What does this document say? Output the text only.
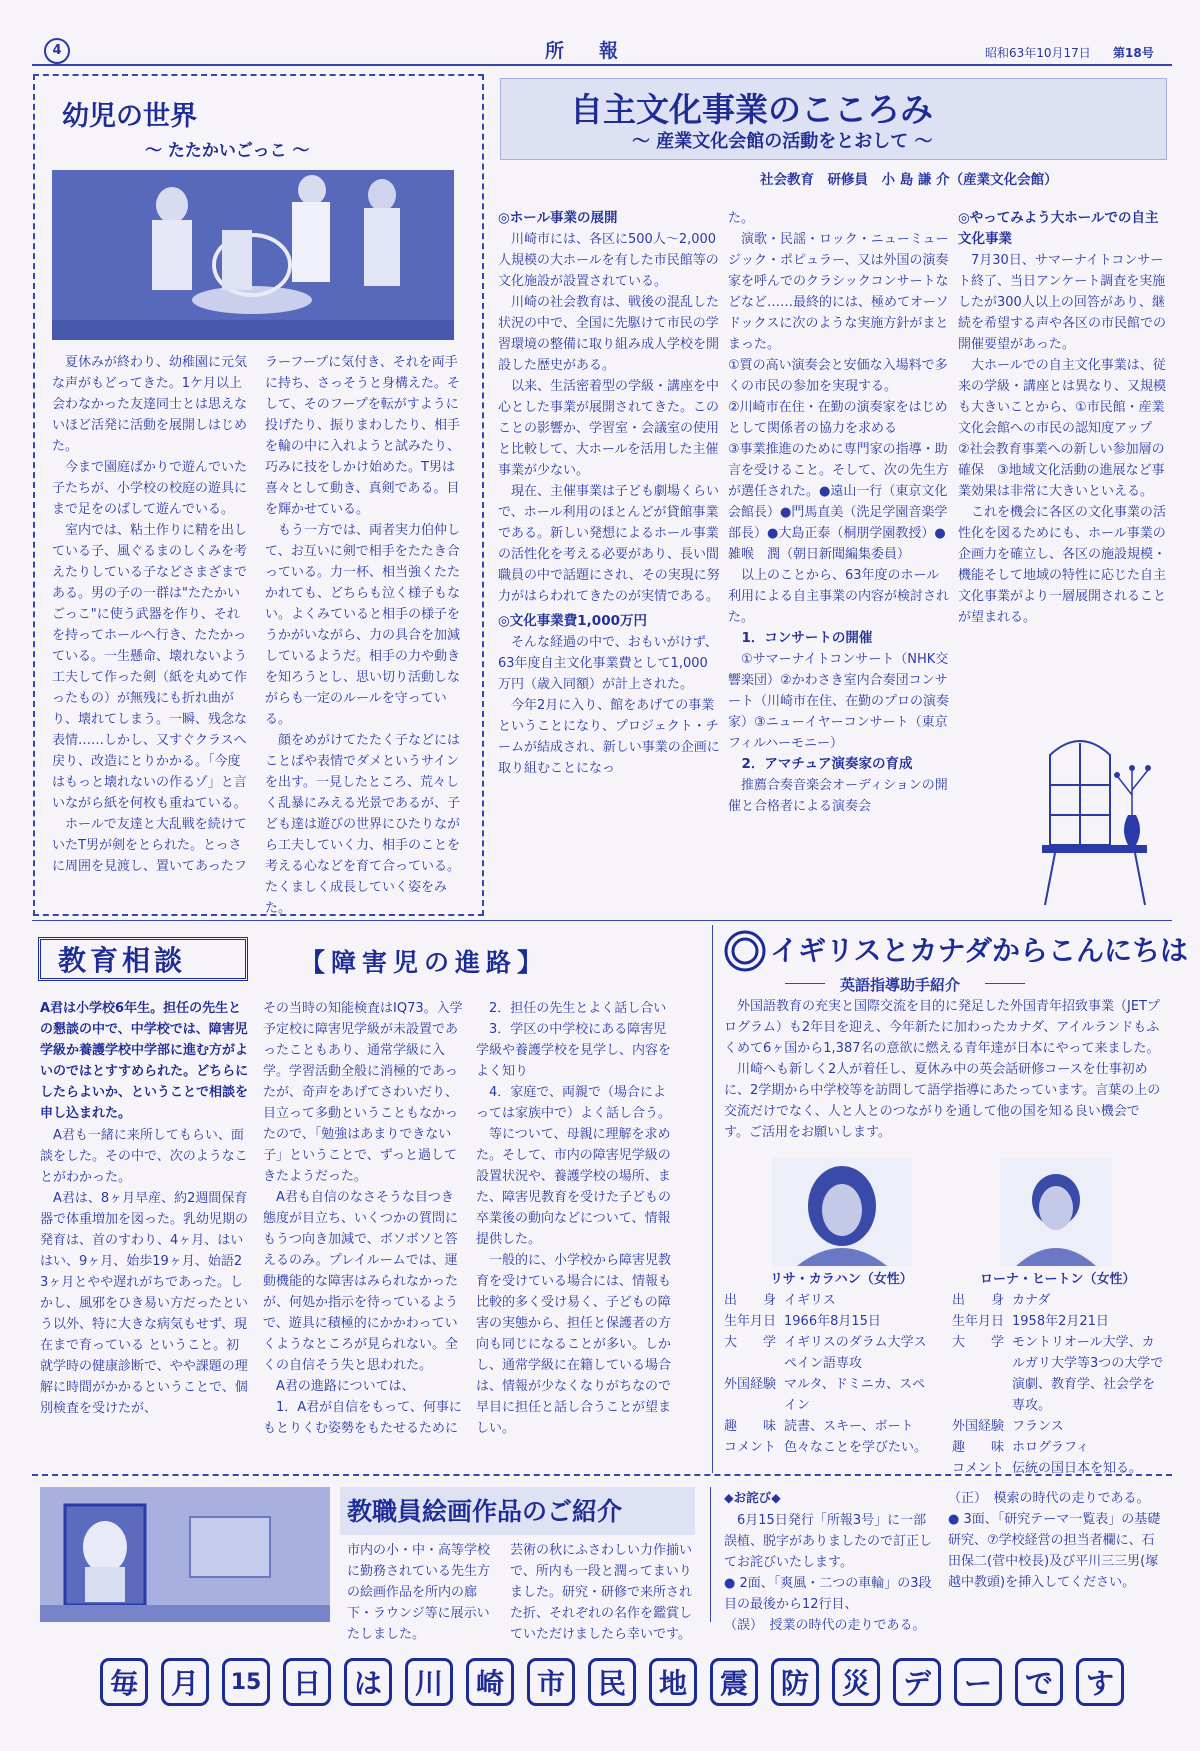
4	所　報	昭和63年10月17日 第18号
幼児の世界
〜 たたかいごっこ 〜

夏休みが終わり、幼稚園に元気な声がもどってきた。1ケ月以上会わなかった友達同士とは思えないほど活発に活動を展開しはじめた。

今まで園庭ばかりで遊んでいた子たちが、小学校の校庭の遊具にまで足をのばして遊んでいる。

室内では、粘土作りに精を出している子、風ぐるまのしくみを考えたりしている子などさまざまである。男の子の一群は"たたかいごっこ"に使う武器を作り、それを持ってホールへ行き、たたかっている。一生懸命、壊れないよう工夫して作った剣（紙を丸めて作ったもの）が無残にも折れ曲がり、壊れてしまう。一瞬、残念な表情……しかし、又すぐクラスへ戻り、改造にとりかかる。「今度はもっと壊れないの作るゾ」と言いながら紙を何枚も重ねている。

ホールで友達と大乱戦を続けていたT男が剣をとられた。とっさに周囲を見渡し、置いてあったフ

ラーフープに気付き、それを両手に持ち、さっそうと身構えた。そして、そのフープを転がすように投げたり、振りまわしたり、相手を輪の中に入れようと試みたり、巧みに技をしかけ始めた。T男は喜々として動き、真剣である。目を輝かせている。

もう一方では、両者実力伯仲して、お互いに剣で相手をたたき合っている。力一杯、相当強くたたかれても、どちらも泣く様子もない。よくみていると相手の様子をうかがいながら、力の具合を加減しているようだ。相手の力や動きを知ろうとし、思い切り活動しながらも一定のルールを守っている。

顔をめがけてたたく子などにはことばや表情でダメというサインを出す。一見したところ、荒々しく乱暴にみえる光景であるが、子ども達は遊びの世界にひたりながら工夫していく力、相手のことを考える心などを育て合っている。たくましく成長していく姿をみた。

自主文化事業のこころみ
〜 産業文化会館の活動をとおして 〜
社会教育　研修員　小 島 謙 介（産業文化会館）
◎ホール事業の展開

川崎市には、各区に500人〜2,000人規模の大ホールを有した市民館等の文化施設が設置されている。

川崎の社会教育は、戦後の混乱した状況の中で、全国に先駆けて市民の学習環境の整備に取り組み成人学校を開設した歴史がある。

以来、生活密着型の学級・講座を中心とした事業が展開されてきた。このことの影響か、学習室・会議室の使用と比較して、大ホールを活用した主催事業が少ない。

現在、主催事業は子ども劇場くらいで、ホール利用のほとんどが貸館事業である。新しい発想によるホール事業の活性化を考える必要があり、長い間職員の中で話題にされ、その実現に努力がはらわれてきたのが実情である。

◎文化事業費1,000万円

そんな経過の中で、おもいがけず、63年度自主文化事業費として1,000万円（歳入同額）が計上された。

今年2月に入り、館をあげての事業ということになり、プロジェクト・チームが結成され、新しい事業の企画に取り組むことになっ

た。

演歌・民謡・ロック・ニューミュージック・ポピュラー、又は外国の演奏家を呼んでのクラシックコンサートなどなど……最終的には、極めてオーソドックスに次のような実施方針がまとまった。

①質の高い演奏会と安価な入場料で多くの市民の参加を実現する。

②川崎市在住・在勤の演奏家をはじめとして関係者の協力を求める

③事業推進のために専門家の指導・助言を受けること。そして、次の先生方が選任された。●遠山一行（東京文化会館長）●門馬直美（洗足学園音楽学部長）●大島正泰（桐朋学園教授）●雑喉　潤（朝日新聞編集委員）

以上のことから、63年度のホール利用による自主事業の内容が検討された。

1．コンサートの開催

①サマーナイトコンサート（NHK交響楽団）②かわさき室内合奏団コンサート（川崎市在住、在勤のプロの演奏家）③ニューイヤーコンサート（東京フィルハーモニー）

2．アマチュア演奏家の育成

推薦合奏音楽会オーディションの開催と合格者による演奏会

◎やってみよう大ホールでの自主文化事業

7月30日、サマーナイトコンサート終了、当日アンケート調査を実施したが300人以上の回答があり、継続を希望する声や各区の市民館での開催要望があった。

大ホールでの自主文化事業は、従来の学級・講座とは異なり、又規模も大きいことから、①市民館・産業文化会館への市民の認知度アップ　②社会教育事業への新しい参加層の確保　③地域文化活動の進展など事業効果は非常に大きいといえる。

これを機会に各区の文化事業の活性化を図るためにも、ホール事業の企画力を確立し、各区の施設規模・機能そして地域の特性に応じた自主文化事業がより一層展開されることが望まれる。

教育相談	【障害児の進路】
A君は小学校6年生。担任の先生との懇談の中で、中学校では、障害児学級か養護学校中学部に進む方がよいのではとすすめられた。どちらにしたらよいか、ということで相談を申し込まれた。

A君も一緒に来所してもらい、面談をした。その中で、次のようなことがわかった。

A君は、8ヶ月早産、約2週間保育器で体重増加を図った。乳幼児期の発育は、首のすわり、4ヶ月、はいはい、9ヶ月、始歩19ヶ月、始語23ヶ月とやや遅れがちであった。しかし、風邪をひき易い方だったという以外、特に大きな病気もせず、現在まで育っている ということ。初就学時の健康診断で、やや課題の理解に時間がかかるということで、個別検査を受けたが、

その当時の知能検査はIQ73。入学予定校に障害児学級が未設置であったこともあり、通常学級に入学。学習活動全般に消極的であったが、奇声をあげてさわいだり、目立って多動ということもなかったので、「勉強はあまりできない子」ということで、ずっと過してきたようだった。

A君も自信のなさそうな目つき態度が目立ち、いくつかの質問にもうつ向き加減で、ボソボソと答えるのみ。プレイルームでは、運動機能的な障害はみられなかったが、何処か指示を待っているようで、遊具に積極的にかかわっていくようなところが見られない。全くの自信そう失と思われた。

A君の進路については、

1．A君が自信をもって、何事にもとりくむ姿勢をもたせるために

2．担任の先生とよく話し合い

3．学区の中学校にある障害児学級や養護学校を見学し、内容をよく知り

4．家庭で、両親で（場合によっては家族中で）よく話し合う。

等について、母親に理解を求めた。そして、市内の障害児学級の設置状況や、養護学校の場所、また、障害児教育を受けた子どもの卒業後の動向などについて、情報提供した。

一般的に、小学校から障害児教育を受けている場合には、情報も比較的多く受け易く、子どもの障害の実態から、担任と保護者の方向も同じになることが多い。しかし、通常学級に在籍している場合は、情報が少なくなりがちなので早目に担任と話し合うことが望ましい。

イギリスとカナダからこんにちは
英語指導助手紹介

外国語教育の充実と国際交流を目的に発足した外国青年招致事業（JETプログラム）も2年目を迎え、今年新たに加わったカナダ、アイルランドもふくめて6ヶ国から1,387名の意欲に燃える青年達が日本にやって来ました。

川崎へも新しく2人が着任し、夏休み中の英会話研修コースを仕事初めに、2学期から中学校等を訪問して語学指導にあたっています。言葉の上の交流だけでなく、人と人とのつながりを通して他の国を知る良い機会です。ご活用をお願いします。

リサ・カラハン（女性）	ローナ・ヒートン（女性）
出　　身 イギリス
生年月日 1966年8月15日
大　　学 イギリスのダラム大学スペイン語専攻
外国経験 マルタ、ドミニカ、スペイン
趣　　味 読書、スキー、ボート
コメント 色々なことを学びたい。
出　　身 カナダ
生年月日 1958年2月21日
大　　学 モントリオール大学、カルガリ大学等3つの大学で演劇、教育学、社会学を専攻。
外国経験 フランス
趣　　味 ホログラフィ
コメント 伝統の国日本を知る。
教職員絵画作品のご紹介
市内の小・中・高等学校に勤務されている先生方の絵画作品を所内の廊下・ラウンジ等に展示いたしました。
芸術の秋にふさわしい力作揃いで、所内も一段と潤ってまいりました。研究・研修で来所された折、それぞれの名作を鑑賞していただけましたら幸いです。
◆お詫び◆

6月15日発行「所報3号」に一部誤植、脱字がありましたので訂正してお詫びいたします。

● 2面、「爽風・二つの車輪」の3段目の最後から12行目、
（誤）　授業の時代の走りである。
（正）　模索の時代の走りである。
● 3面、「研究テーマ一覧表」の基礎研究、⑦学校経営の担当者欄に、石田保二(菅中校長)及び平川三三男(塚越中教頭)を挿入してください。
毎	月	15	日	は	川	崎	市	民	地	震	防	災	デ	ー	で	す
